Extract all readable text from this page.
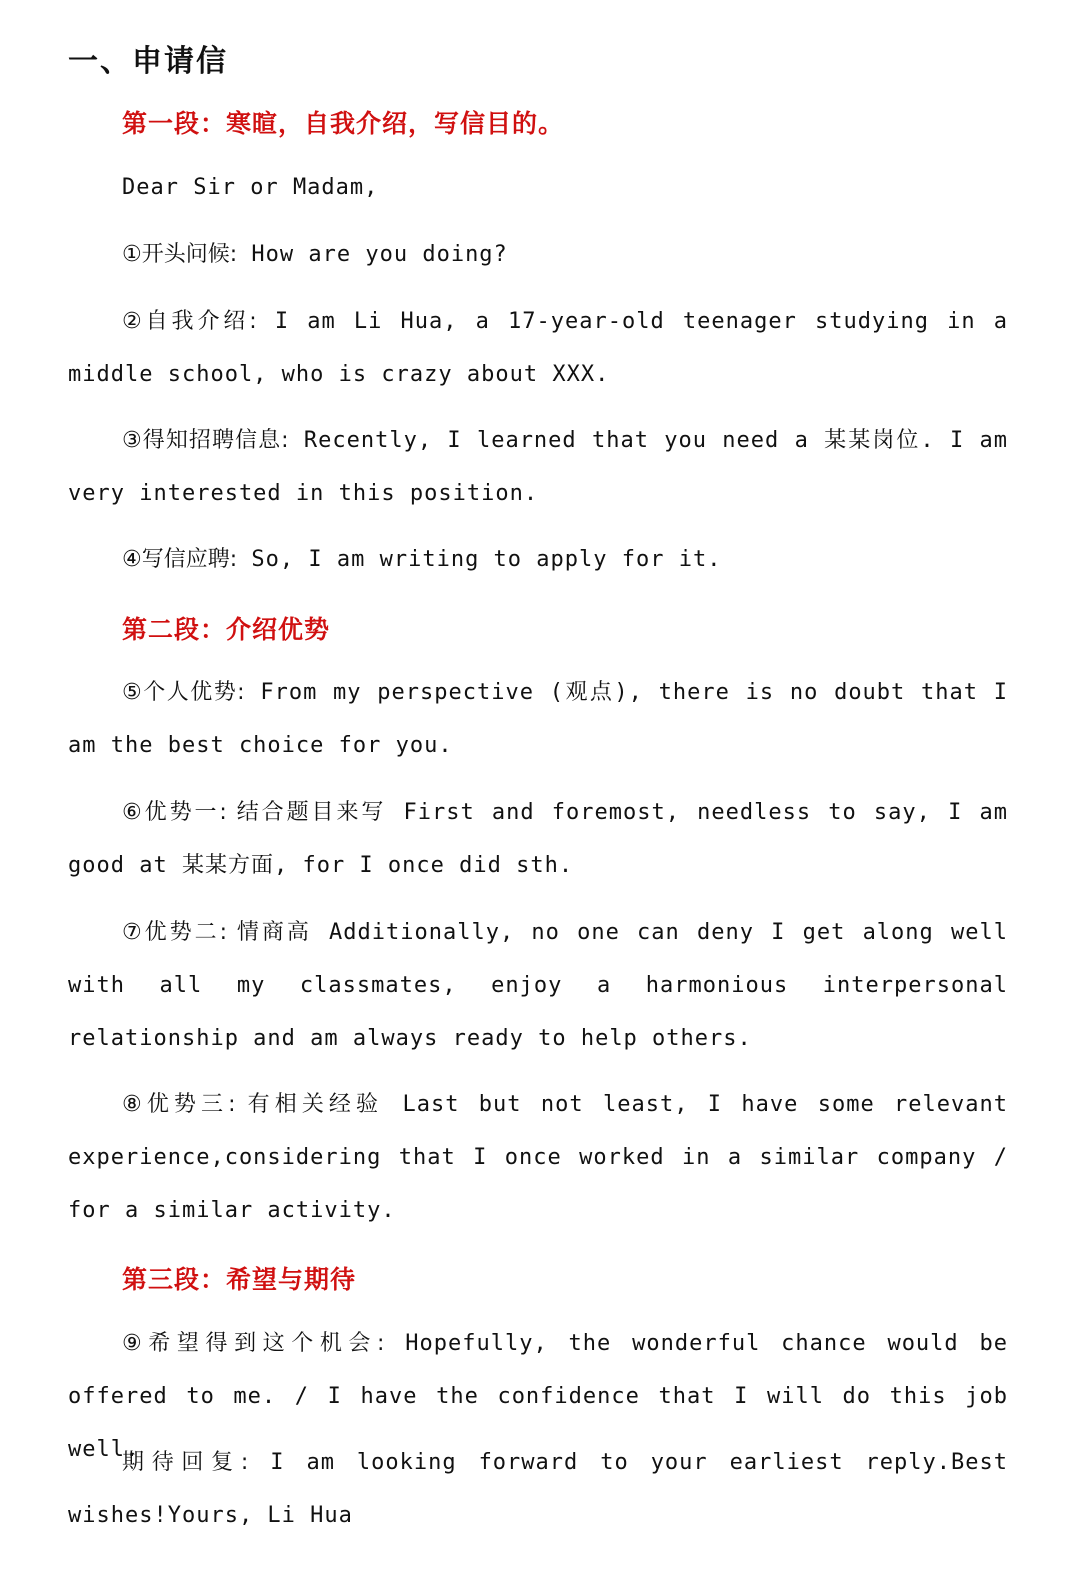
一、申请信
第一段：寒暄，自我介绍，写信目的。

Dear Sir or Madam,

①开头问候: How are you doing?

②自我介绍: I am Li Hua, a 17-year-old teenager studying in a middle school, who is crazy about XXX.

③得知招聘信息: Recently, I learned that you need a 某某岗位. I am very interested in this position.

④写信应聘: So, I am writing to apply for it.

第二段：介绍优势

⑤个人优势: From my perspective (观点), there is no doubt that I am the best choice for you.

⑥优势一: 结合题目来写 First and foremost, needless to say, I am good at 某某方面, for I once did sth.

⑦优势二: 情商高 Additionally, no one can deny I get along well with all my classmates, enjoy a harmonious interpersonal relationship and am always ready to help others.

⑧优势三: 有相关经验 Last but not least, I have some relevant experience,considering that I once worked in a similar company / for a similar activity.

第三段：希望与期待

⑨希望得到这个机会: Hopefully, the wonderful chance would be offered to me. / I have the confidence that I will do this job well.

期待回复: I am looking forward to your earliest reply.Best wishes!Yours, Li Hua
